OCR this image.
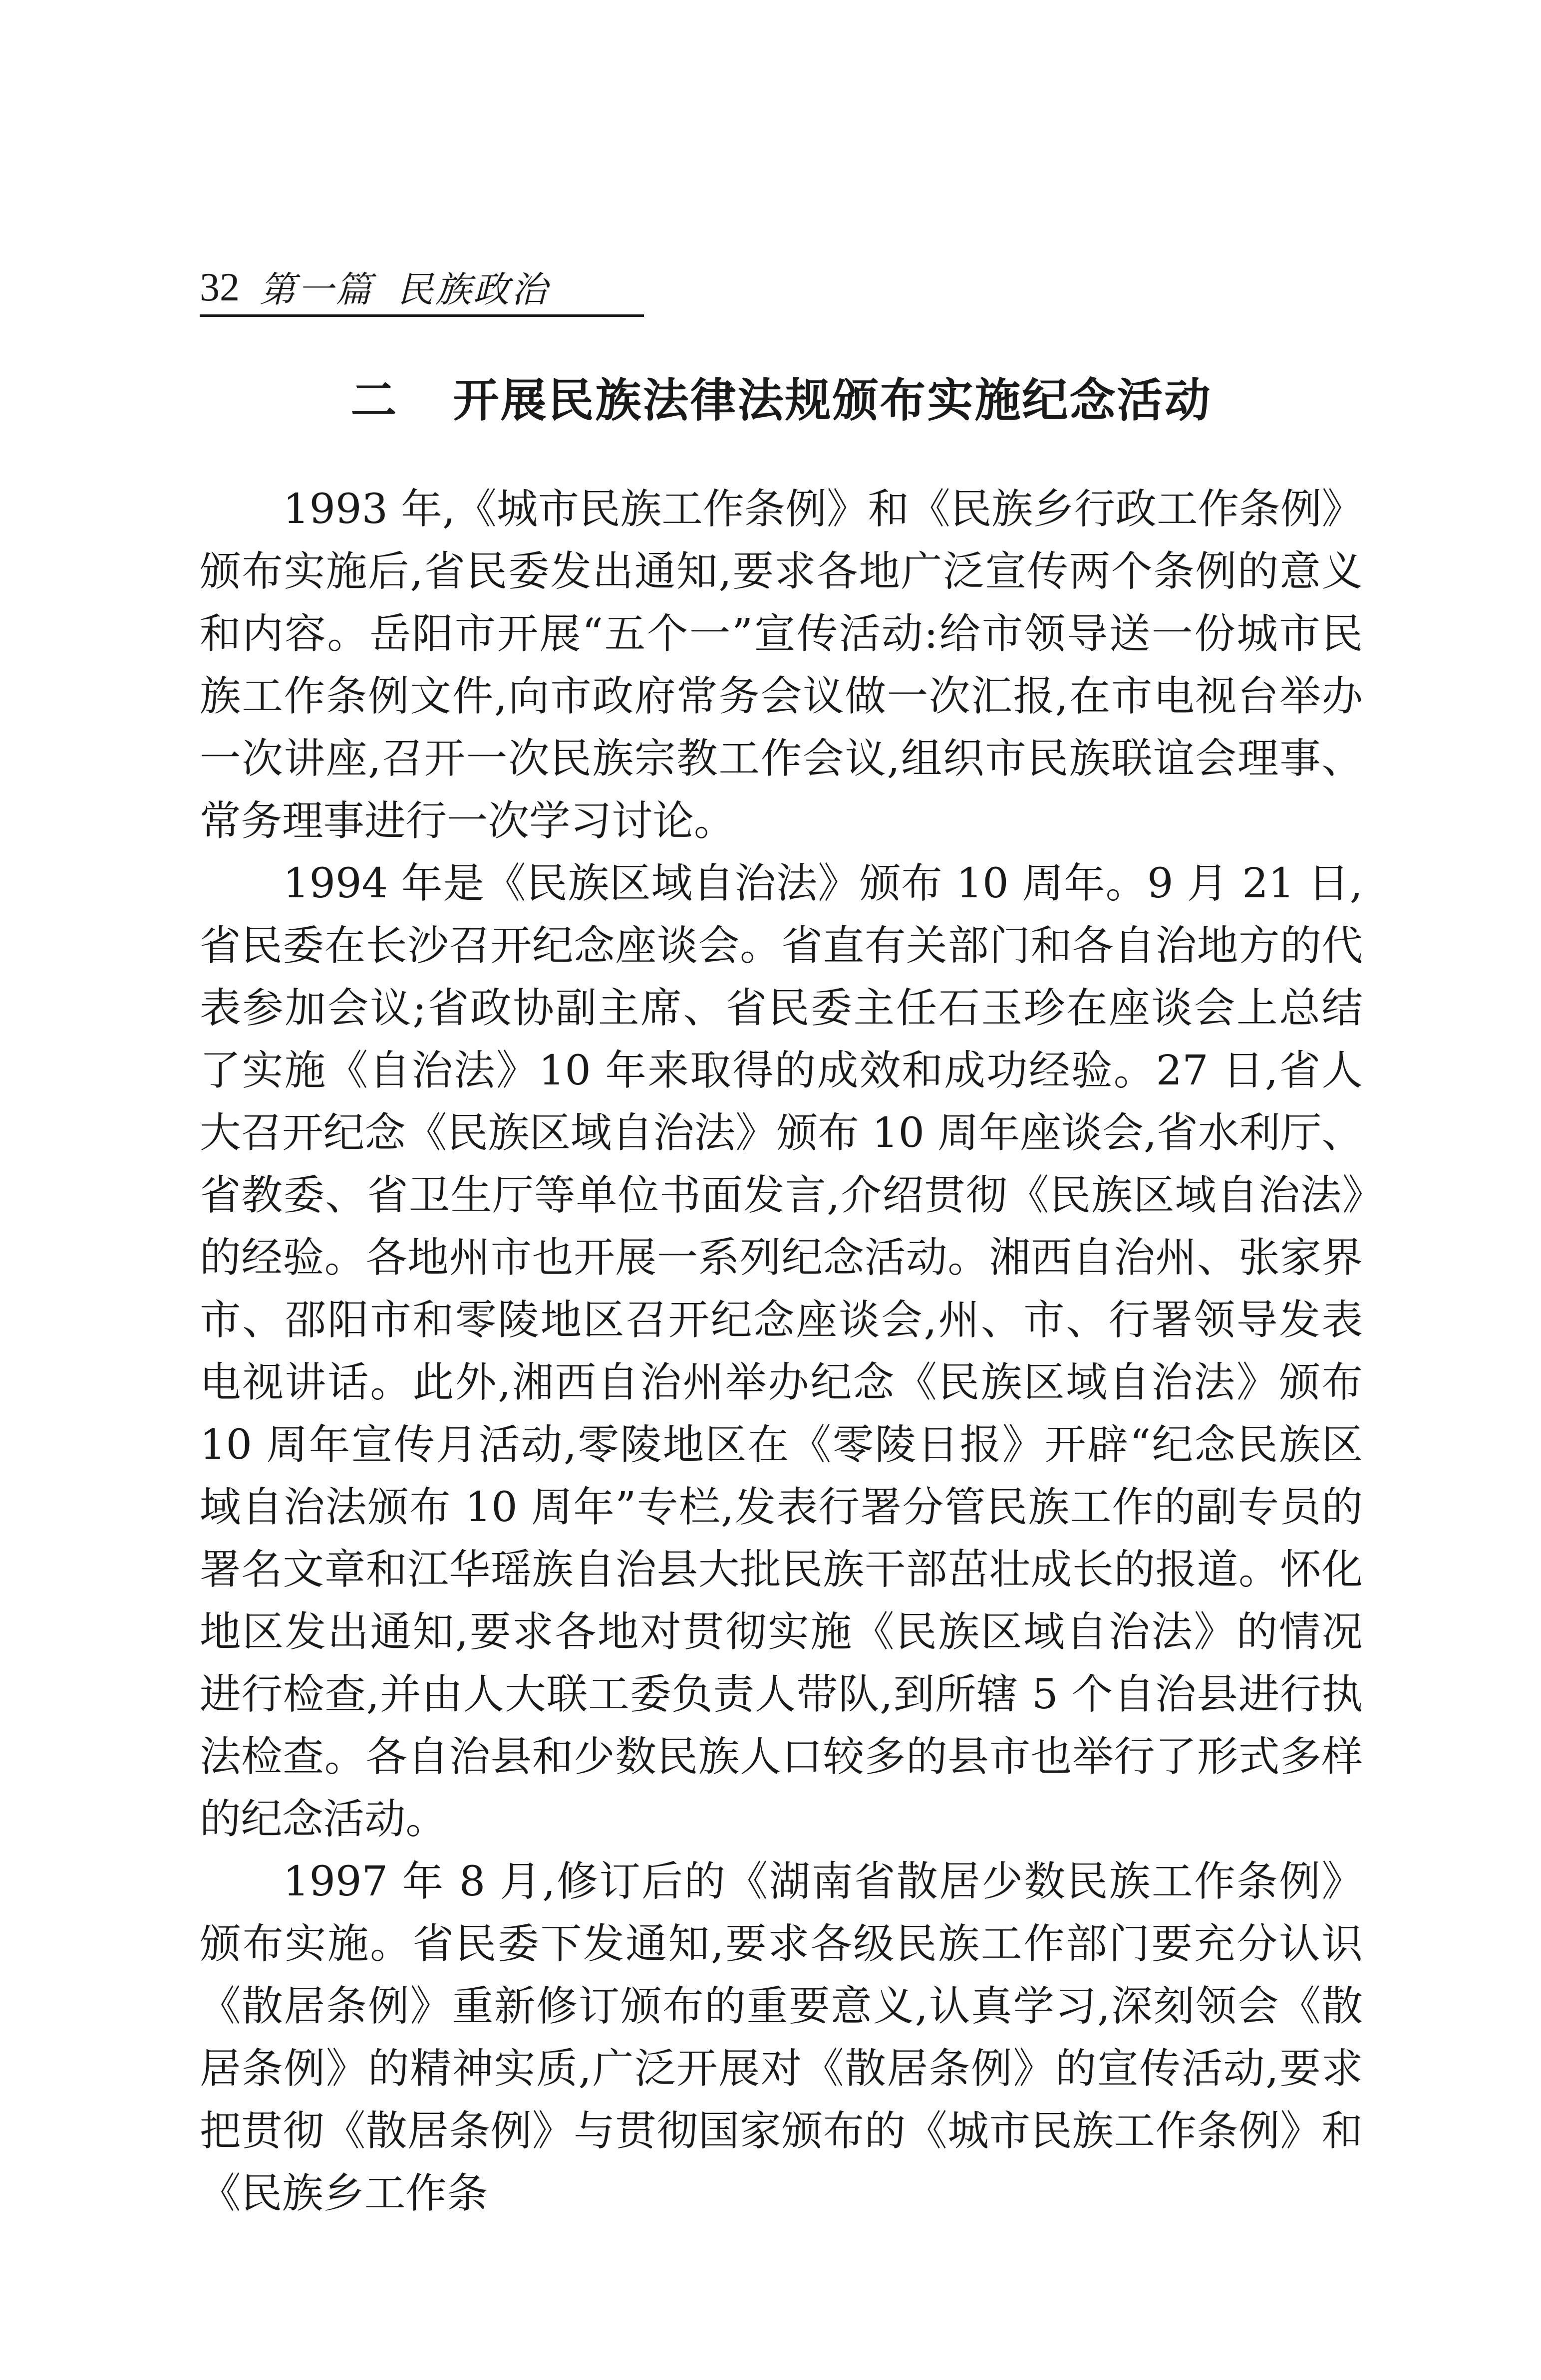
32 第一篇 民族政治
二 开展民族法律法规颁布实施纪念活动

1993 年,《城市民族工作条例》和《民族乡行政工作条例》颁布实施后,省民委发出通知,要求各地广泛宣传两个条例的意义和内容。岳阳市开展“五个一”宣传活动:给市领导送一份城市民族工作条例文件,向市政府常务会议做一次汇报,在市电视台举办一次讲座,召开一次民族宗教工作会议,组织市民族联谊会理事、常务理事进行一次学习讨论。

1994 年是《民族区域自治法》颁布 10 周年。9 月 21 日,省民委在长沙召开纪念座谈会。省直有关部门和各自治地方的代表参加会议;省政协副主席、省民委主任石玉珍在座谈会上总结了实施《自治法》10 年来取得的成效和成功经验。27 日,省人大召开纪念《民族区域自治法》颁布 10 周年座谈会,省水利厅、省教委、省卫生厅等单位书面发言,介绍贯彻《民族区域自治法》的经验。各地州市也开展一系列纪念活动。湘西自治州、张家界市、邵阳市和零陵地区召开纪念座谈会,州、市、行署领导发表电视讲话。此外,湘西自治州举办纪念《民族区域自治法》颁布 10 周年宣传月活动,零陵地区在《零陵日报》开辟“纪念民族区域自治法颁布 10 周年”专栏,发表行署分管民族工作的副专员的署名文章和江华瑶族自治县大批民族干部茁壮成长的报道。怀化地区发出通知,要求各地对贯彻实施《民族区域自治法》的情况进行检查,并由人大联工委负责人带队,到所辖 5 个自治县进行执法检查。各自治县和少数民族人口较多的县市也举行了形式多样的纪念活动。

1997 年 8 月,修订后的《湖南省散居少数民族工作条例》颁布实施。省民委下发通知,要求各级民族工作部门要充分认识《散居条例》重新修订颁布的重要意义,认真学习,深刻领会《散居条例》的精神实质,广泛开展对《散居条例》的宣传活动,要求把贯彻《散居条例》与贯彻国家颁布的《城市民族工作条例》和《民族乡工作条
